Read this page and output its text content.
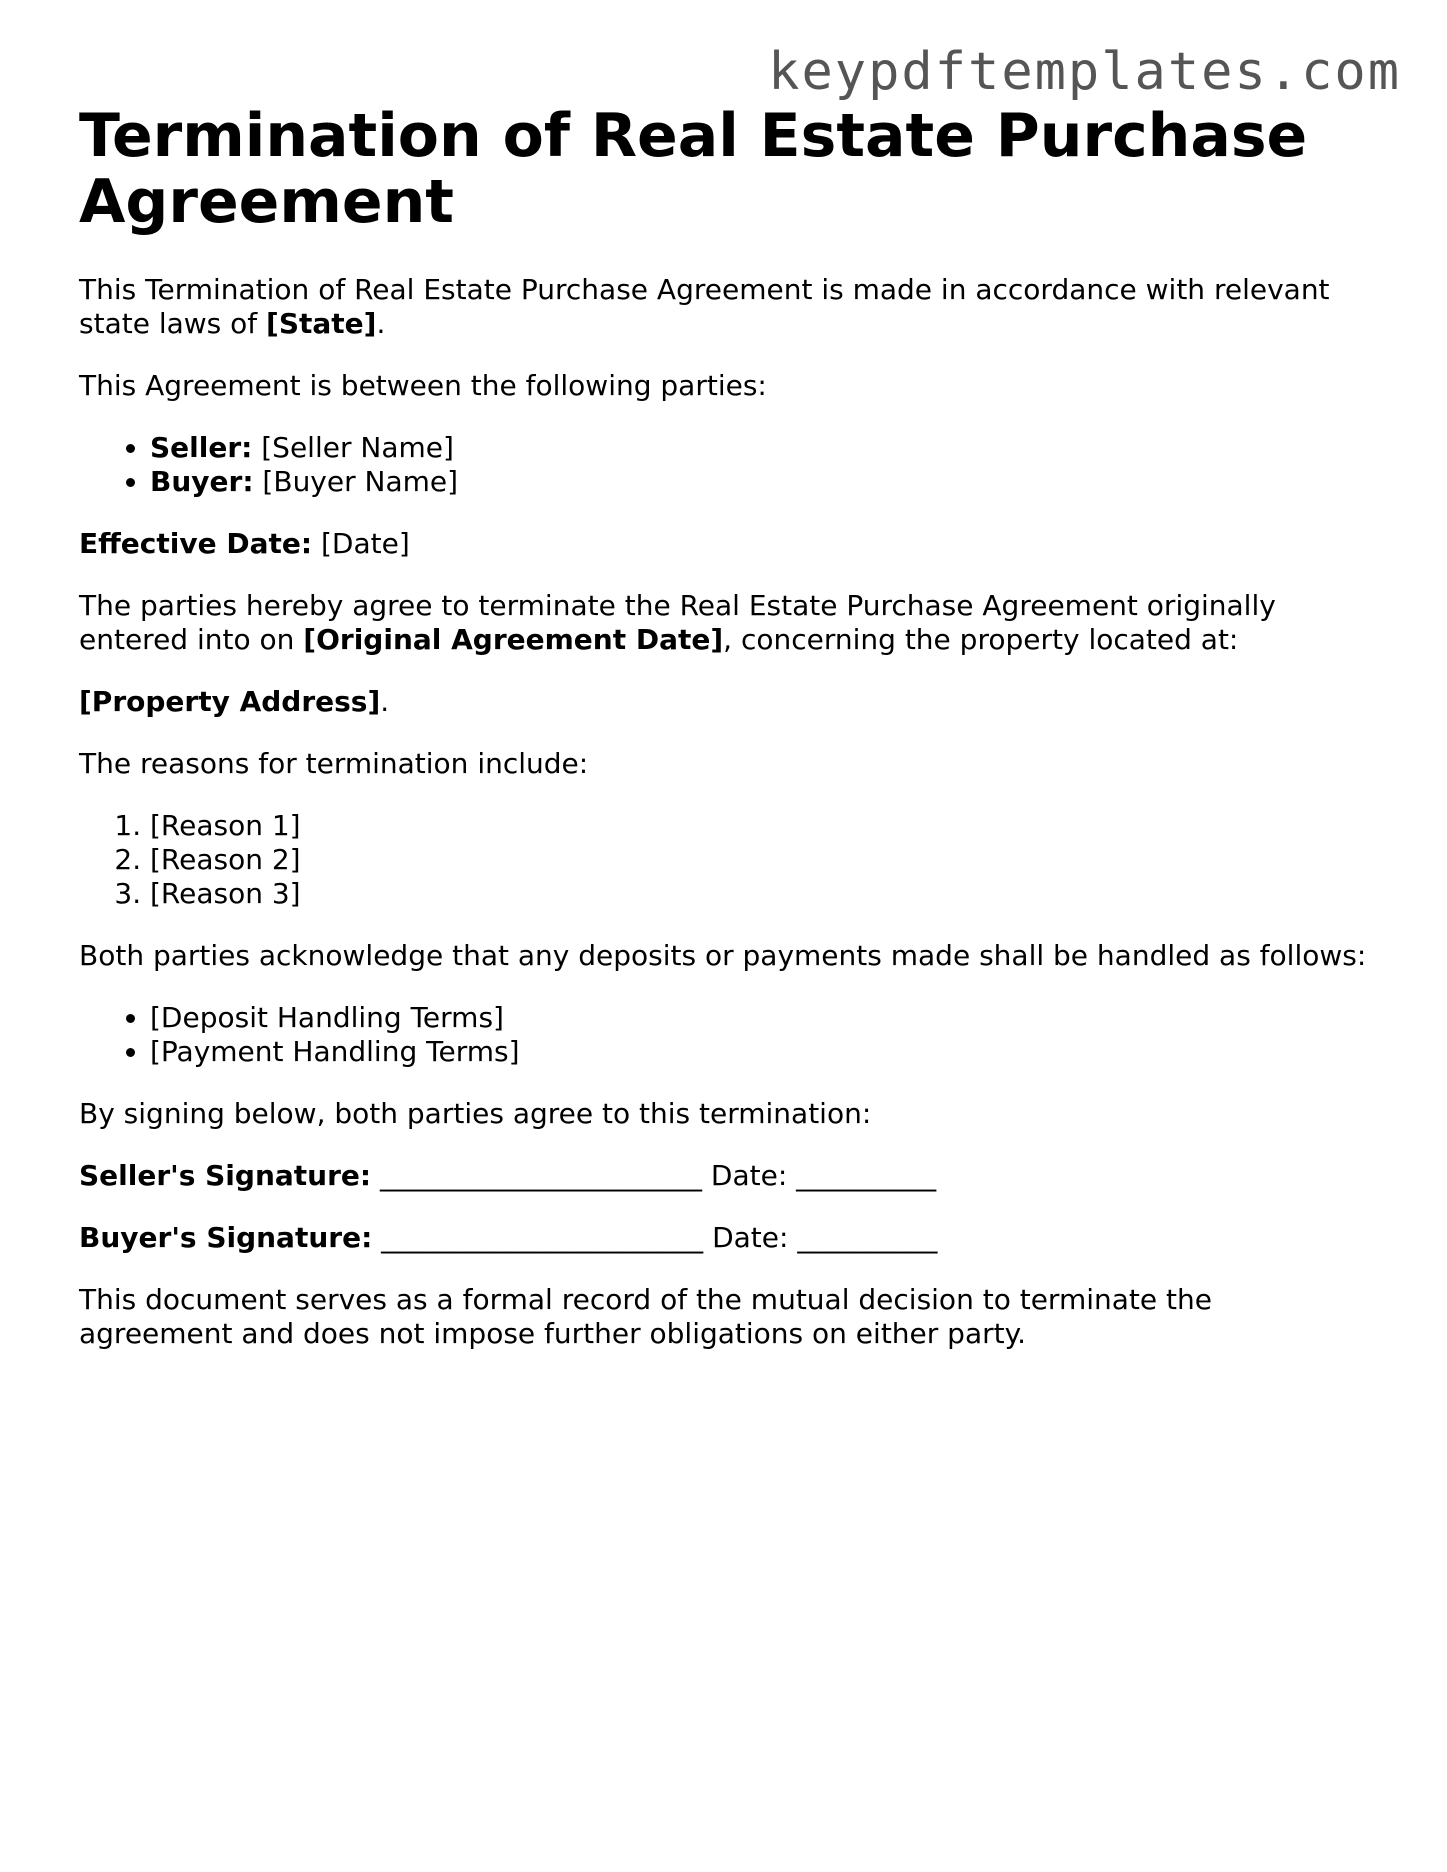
keypdftemplates.com
Termination of Real Estate Purchase Agreement

This Termination of Real Estate Purchase Agreement is made in accordance with relevant state laws of [State].

This Agreement is between the following parties:

• Seller: [Seller Name]
• Buyer: [Buyer Name]

Effective Date: [Date]

The parties hereby agree to terminate the Real Estate Purchase Agreement originally entered into on [Original Agreement Date], concerning the property located at:

[Property Address].

The reasons for termination include:

1. [Reason 1]
2. [Reason 2]
3. [Reason 3]

Both parties acknowledge that any deposits or payments made shall be handled as follows:

• [Deposit Handling Terms]
• [Payment Handling Terms]

By signing below, both parties agree to this termination:

Seller's Signature: _______________________ Date: __________

Buyer's Signature: _______________________ Date: __________

This document serves as a formal record of the mutual decision to terminate the agreement and does not impose further obligations on either party.
